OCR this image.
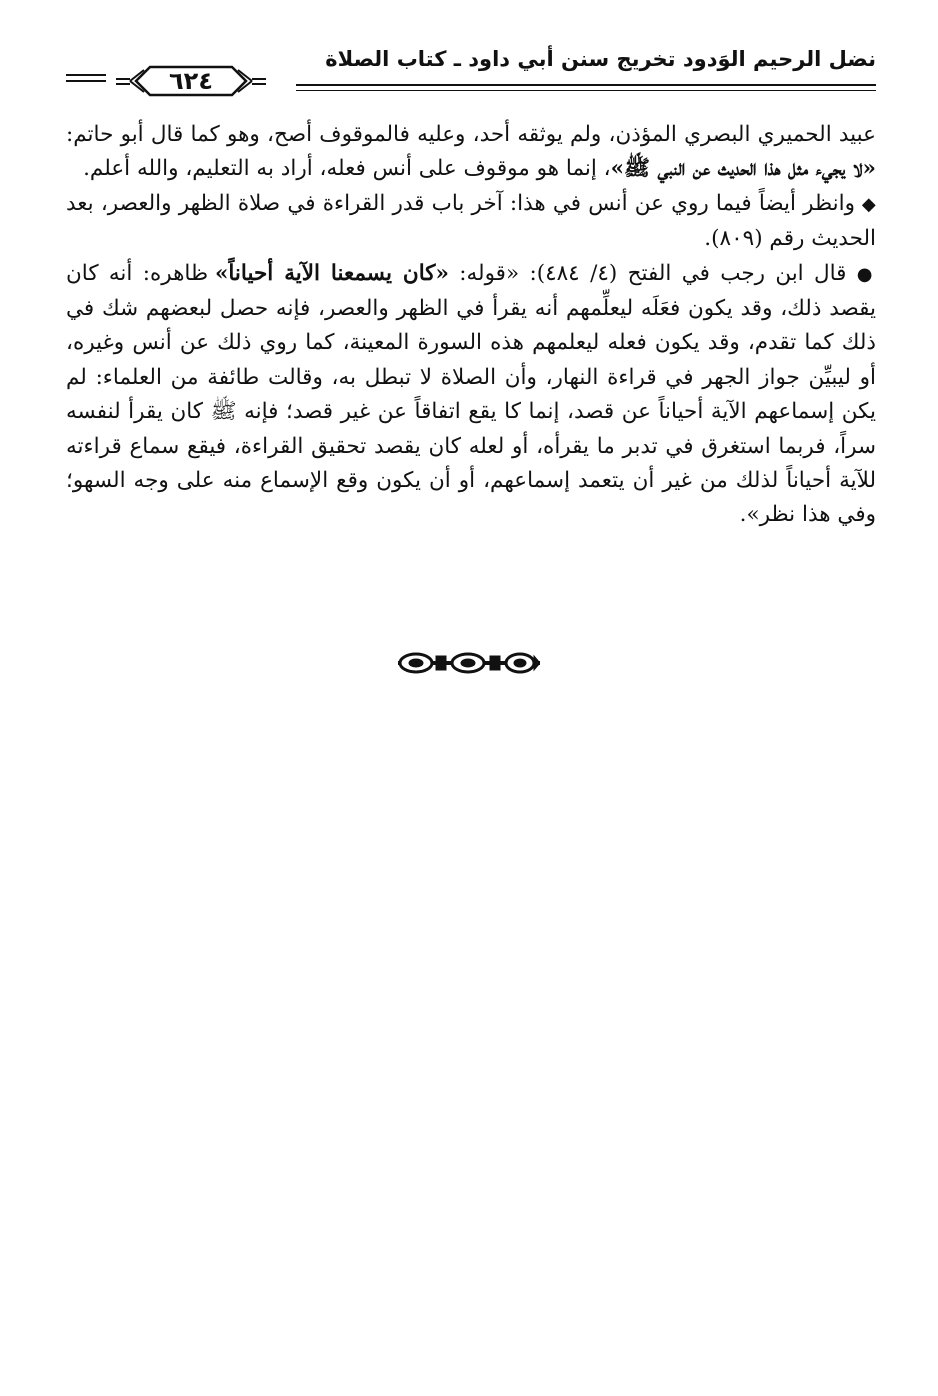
نضل الرحيم الوَدود تخريج سنن أبي داود ـ كتاب الصلاة
٦٢٤

عبيد الحميري البصري المؤذن، ولم يوثقه أحد، وعليه فالموقوف أصح، وهو كما قال أبو حاتم: «لا يجيء مثل هذا الحديث عن النبي ﷺ»، إنما هو موقوف على أنس فعله، أراد به التعليم، والله أعلم.

◆ وانظر أيضاً فيما روي عن أنس في هذا: آخر باب قدر القراءة في صلاة الظهر والعصر، بعد الحديث رقم (٨٠٩).

● قال ابن رجب في الفتح (٤/ ٤٨٤): «قوله: «كان يسمعنا الآية أحياناً» ظاهره: أنه كان يقصد ذلك، وقد يكون فعَلَه ليعلِّمهم أنه يقرأ في الظهر والعصر، فإنه حصل لبعضهم شك في ذلك كما تقدم، وقد يكون فعله ليعلمهم هذه السورة المعينة، كما روي ذلك عن أنس وغيره، أو ليبيِّن جواز الجهر في قراءة النهار، وأن الصلاة لا تبطل به، وقالت طائفة من العلماء: لم يكن إسماعهم الآية أحياناً عن قصد، إنما كا يقع اتفاقاً عن غير قصد؛ فإنه ﷺ كان يقرأ لنفسه سراً، فربما استغرق في تدبر ما يقرأه، أو لعله كان يقصد تحقيق القراءة، فيقع سماع قراءته للآية أحياناً لذلك من غير أن يتعمد إسماعهم، أو أن يكون وقع الإسماع منه على وجه السهو؛ وفي هذا نظر».
